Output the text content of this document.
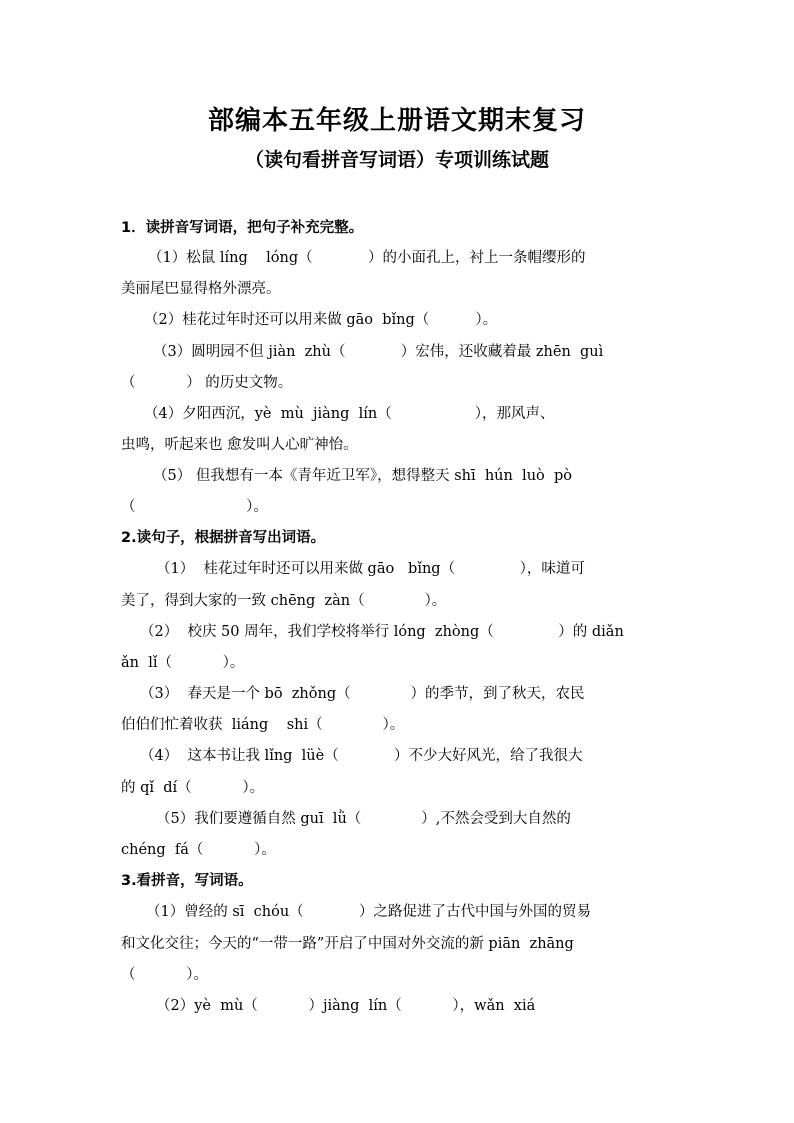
部编本五年级上册语文期末复习
（读句看拼音写词语）专项训练试题
1．读拼音写词语，把句子补充完整。
（1）松鼠 líng    lóng（            ）的小面孔上，衬上一条帽缨形的
美丽尾巴显得格外漂亮。
（2）桂花过年时还可以用来做 gāo  bǐng（          ）。
（3）圆明园不但 jiàn  zhù（            ）宏伟，还收藏着最 zhēn  guì
（           ） 的历史文物。
（4）夕阳西沉，yè  mù  jiàng  lín（                  ），那风声、
虫鸣，听起来也 愈发叫人心旷神怡。
（5） 但我想有一本《青年近卫军》，想得整天 shī  hún  luò  pò
（                        ）。
2.读句子，根据拼音写出词语。
（1）  桂花过年时还可以用来做 gāo   bǐng（              ），味道可
美了，得到大家的一致 chēng  zàn（             ）。
（2）  校庆 50 周年，我们学校将举行 lóng  zhòng（              ）的 diǎn
ǎn  lǐ（           ）。
（3）  春天是一个 bō  zhǒng（             ）的季节，到了秋天，农民
伯伯们忙着收获  liáng    shi（             ）。
（4）  这本书让我 lǐng  lüè（            ）不少大好风光，给了我很大
的 qǐ  dí（           ）。
（5）我们要遵循自然 guī  lǜ（             ）,不然会受到大自然的
chéng  fá（           ）。
3.看拼音，写词语。
（1）曾经的 sī  chóu（            ）之路促进了古代中国与外国的贸易
和文化交往；今天的“一带一路”开启了中国对外交流的新 piān  zhāng
（           ）。
（2）yè  mù（           ）jiàng  lín（           ），wǎn  xiá
